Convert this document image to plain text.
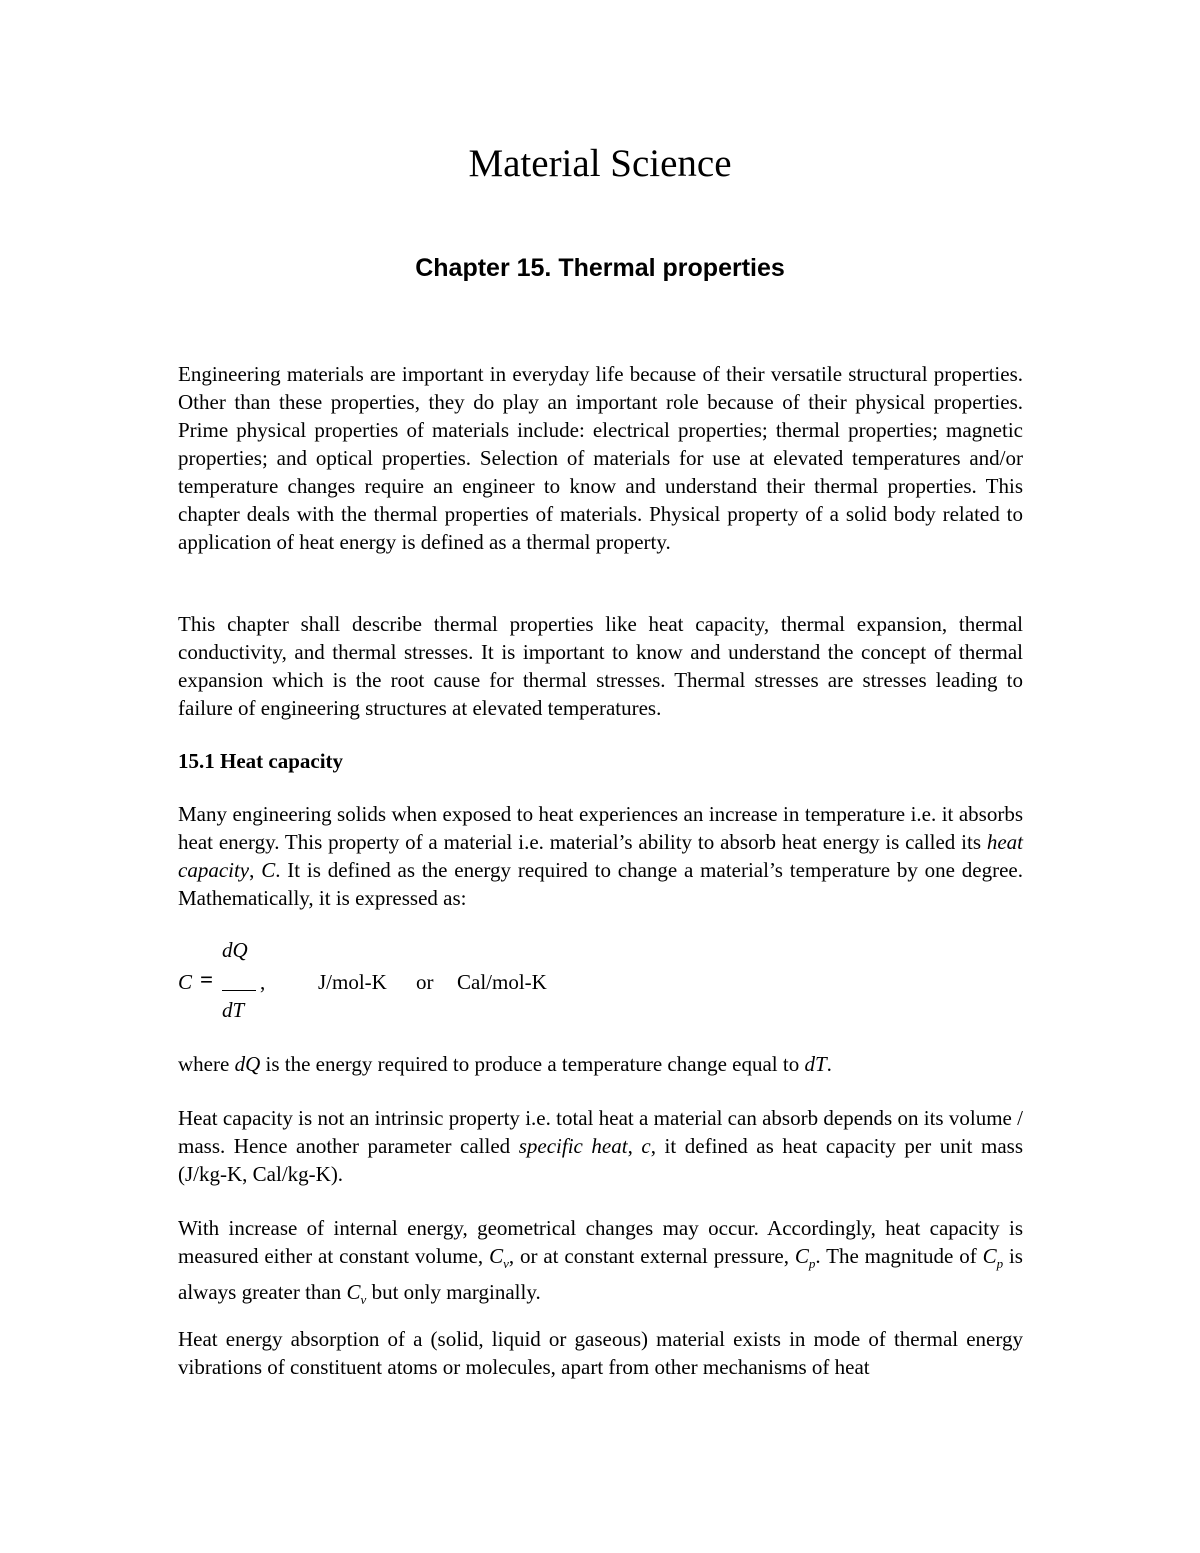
Material Science
Chapter 15. Thermal properties
Engineering materials are important in everyday life because of their versatile structural properties. Other than these properties, they do play an important role because of their physical properties. Prime physical properties of materials include: electrical properties; thermal properties; magnetic properties; and optical properties. Selection of materials for use at elevated temperatures and/or temperature changes require an engineer to know and understand their thermal properties. This chapter deals with the thermal properties of materials. Physical property of a solid body related to application of heat energy is defined as a thermal property.
This chapter shall describe thermal properties like heat capacity, thermal expansion, thermal conductivity, and thermal stresses. It is important to know and understand the concept of thermal expansion which is the root cause for thermal stresses. Thermal stresses are stresses leading to failure of engineering structures at elevated temperatures.
15.1 Heat capacity
Many engineering solids when exposed to heat experiences an increase in temperature i.e. it absorbs heat energy. This property of a material i.e. material’s ability to absorb heat energy is called its heat capacity, C. It is defined as the energy required to change a material’s temperature by one degree. Mathematically, it is expressed as:
dQ
C = ,
dT
J/mol-K or Cal/mol-K
where dQ is the energy required to produce a temperature change equal to dT.
Heat capacity is not an intrinsic property i.e. total heat a material can absorb depends on its volume / mass. Hence another parameter called specific heat, c, it defined as heat capacity per unit mass (J/kg-K, Cal/kg-K).
With increase of internal energy, geometrical changes may occur. Accordingly, heat capacity is measured either at constant volume, $C_v$, or at constant external pressure, $C_p$. The magnitude of $C_p$ is always greater than $C_v$ but only marginally.
Heat energy absorption of a (solid, liquid or gaseous) material exists in mode of thermal energy vibrations of constituent atoms or molecules, apart from other mechanisms of heat
